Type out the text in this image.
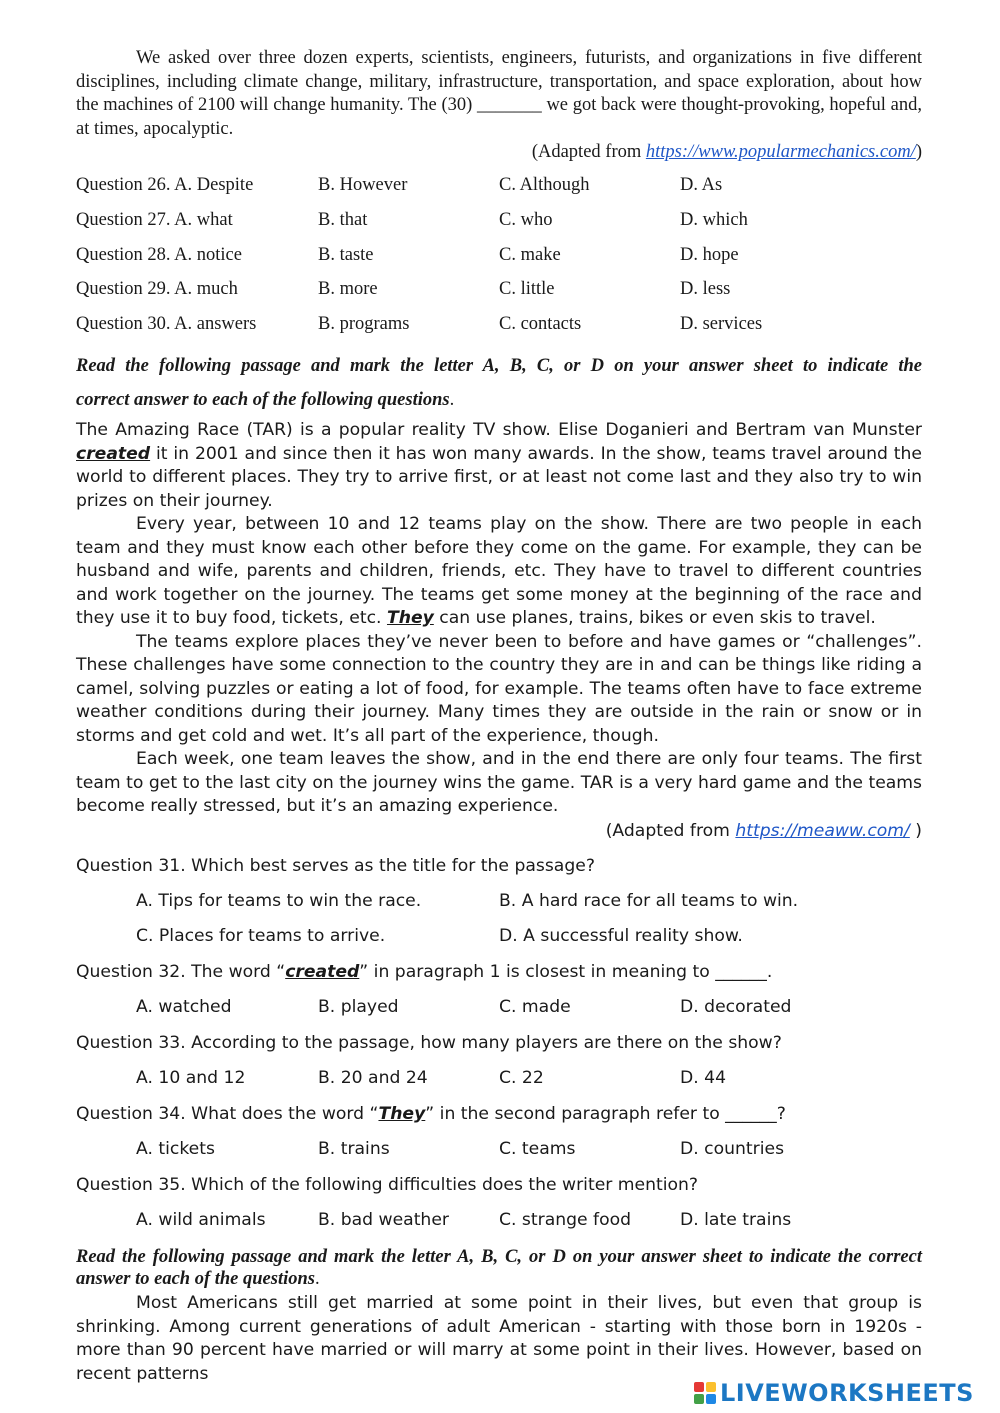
We asked over three dozen experts, scientists, engineers, futurists, and organizations in five different disciplines, including climate change, military, infrastructure, transportation, and space exploration, about how the machines of 2100 will change humanity. The (30) _______ we got back were thought-provoking, hopeful and, at times, apocalyptic.
(Adapted from https://www.popularmechanics.com/)
Question 26. A. Despite	B. However	C. Although	D. As
Question 27. A. what	B. that	C. who	D. which
Question 28. A. notice	B. taste	C. make	D. hope
Question 29. A. much	B. more	C. little	D. less
Question 30. A. answers	B. programs	C. contacts	D. services
Read the following passage and mark the letter A, B, C, or D on your answer sheet to indicate the
correct answer to each of the following questions.
The Amazing Race (TAR) is a popular reality TV show. Elise Doganieri and Bertram van Munster created it in 2001 and since then it has won many awards. In the show, teams travel around the world to different places. They try to arrive first, or at least not come last and they also try to win prizes on their journey.
Every year, between 10 and 12 teams play on the show. There are two people in each team and they must know each other before they come on the game. For example, they can be husband and wife, parents and children, friends, etc. They have to travel to different countries and work together on the journey. The teams get some money at the beginning of the race and they use it to buy food, tickets, etc. They can use planes, trains, bikes or even skis to travel.
The teams explore places they’ve never been to before and have games or “challenges”. These challenges have some connection to the country they are in and can be things like riding a camel, solving puzzles or eating a lot of food, for example. The teams often have to face extreme weather conditions during their journey. Many times they are outside in the rain or snow or in storms and get cold and wet. It’s all part of the experience, though.
Each week, one team leaves the show, and in the end there are only four teams. The first team to get to the last city on the journey wins the game. TAR is a very hard game and the teams become really stressed, but it’s an amazing experience.
(Adapted from https://meaww.com/ )
Question 31. Which best serves as the title for the passage?
A. Tips for teams to win the race.	B. A hard race for all teams to win.
C. Places for teams to arrive.	D. A successful reality show.
Question 32. The word “created” in paragraph 1 is closest in meaning to ______.
A. watched	B. played	C. made	D. decorated
Question 33. According to the passage, how many players are there on the show?
A. 10 and 12	B. 20 and 24	C. 22	D. 44
Question 34. What does the word “They” in the second paragraph refer to ______?
A. tickets	B. trains	C. teams	D. countries
Question 35. Which of the following difficulties does the writer mention?
A. wild animals	B. bad weather	C. strange food	D. late trains
Read the following passage and mark the letter A, B, C, or D on your answer sheet to indicate the correct answer to each of the questions.
Most Americans still get married at some point in their lives, but even that group is shrinking. Among current generations of adult American - starting with those born in 1920s - more than 90 percent have married or will marry at some point in their lives. However, based on recent patterns
LIVEWORKSHEETS
